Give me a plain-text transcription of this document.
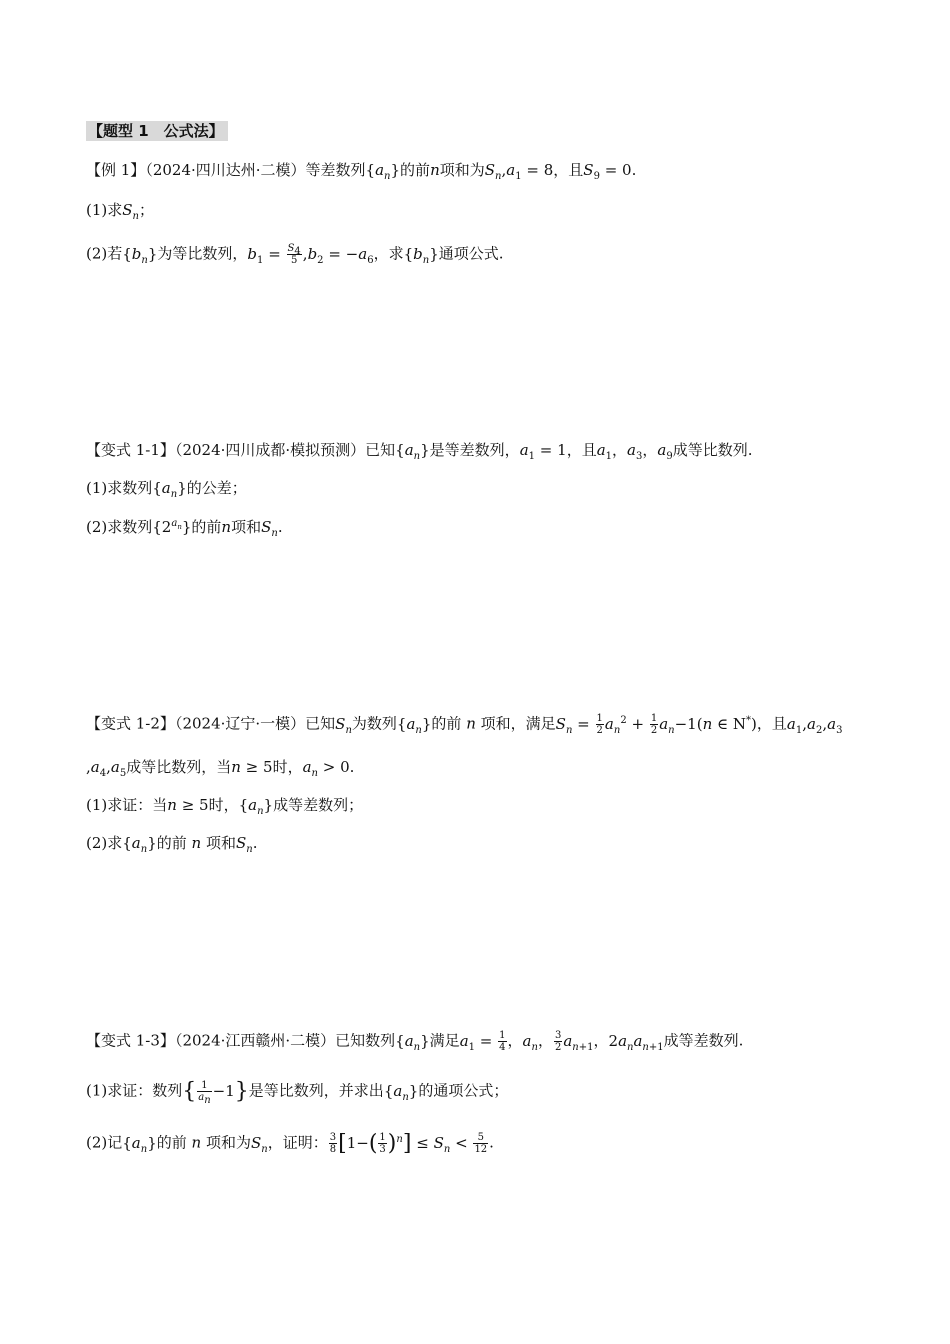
【题型 1　公式法】
【例 1】（2024·四川达州·二模）等差数列$\{a_n\}$的前n项和为$S_n,a_1 = 8$，且$S_9 = 0$.
(1)求$S_n$；
(2)若$\{b_n\}$为等比数列，$b_1 = \frac{S_4}{5} ,b_2 = -a_6$，求$\{b_n\}$通项公式.
【变式 1-1】（2024·四川成都·模拟预测）已知$\{a_n\}$是等差数列，$a_1 = 1$，且$a_1$，$a_3$，$a_9$成等比数列.
(1)求数列$\{a_n\}$的公差；
(2)求数列$\{2^{a_n}\}$的前n项和$S_n$.
【变式 1-2】（2024·辽宁·一模）已知$S_n$为数列$\{a_n\}$的前 n 项和，满足$S_n = \frac{1}{2} a_n^2 + \frac{1}{2} a_n-1(n$ ∈ N*)，且$a_1,a_2,a_3$
$,a_4,a_5$成等比数列，当n ≥ 5时，$a_n > 0$.
(1)求证：当n ≥ 5时，$\{a_n\}$成等差数列；
(2)求$\{a_n\}$的前 n 项和$S_n$.
【变式 1-3】（2024·江西赣州·二模）已知数列$\{a_n\}$满足$a_1 = \frac{1}{4}$ ，$a_n$， $\frac{3}{2} a_{n+1}$，$2a_na_{n+1}$成等差数列.
(1)求证：数列{ $\frac{1}{a_n} -1$}是等比数列，并求出$\{a_n\}$的通项公式；
(2)记$\{a_n\}$的前 n 项和为$S_n$，证明： $\frac{3}{8} [1-( \frac{1}{3} )^n] \le S_n < \frac{5}{12}$ .
